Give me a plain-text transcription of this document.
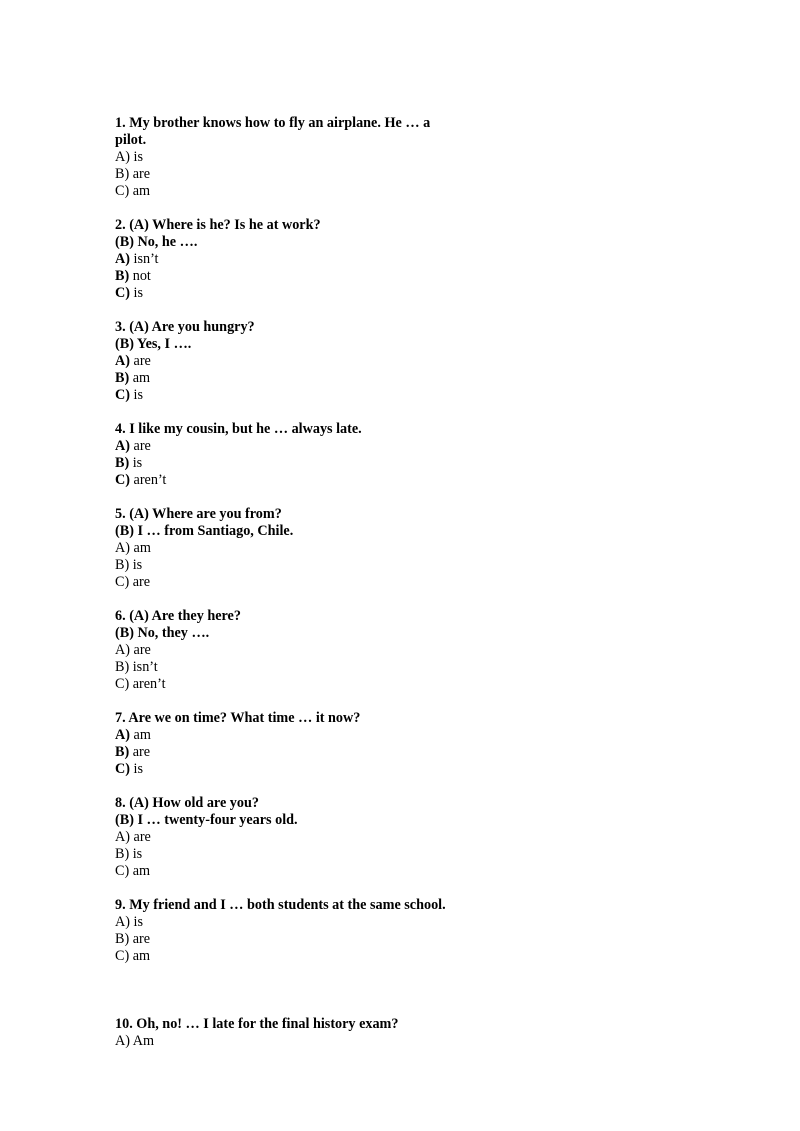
1. My brother knows how to fly an airplane. He … a pilot.
A) is
B) are
C) am
2. (A) Where is he? Is he at work?
(B) No, he ….
A) isn’t
B) not
C) is
3. (A) Are you hungry?
(B) Yes, I ….
A) are
B) am
C) is
4. I like my cousin, but he … always late.
A) are
B) is
C) aren’t
5. (A) Where are you from?
(B) I … from Santiago, Chile.
A) am
B) is
C) are
6. (A) Are they here?
(B) No, they ….
A) are
B) isn’t
C) aren’t
7. Are we on time? What time … it now?
A) am
B) are
C) is
8. (A) How old are you?
(B) I … twenty-four years old.
A) are
B) is
C) am
9. My friend and I … both students at the same school.
A) is
B) are
C) am
10. Oh, no! … I late for the final history exam?
A) Am
